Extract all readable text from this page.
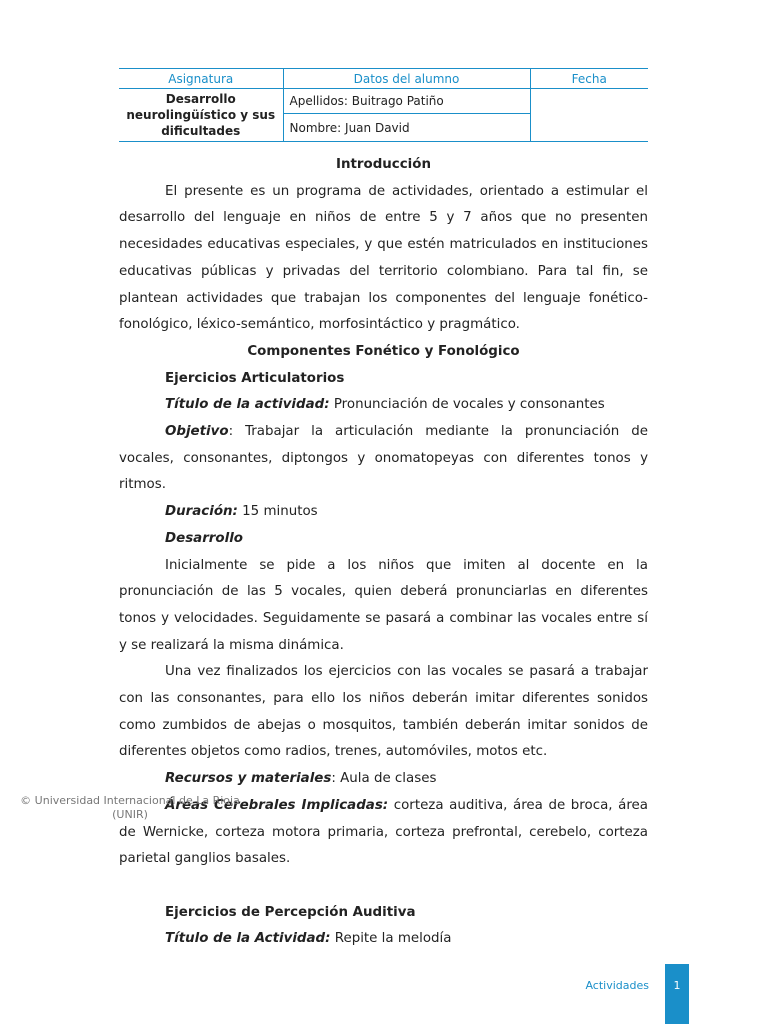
Asignatura	Datos del alumno	Fecha
Desarrollo
neurolingüístico y sus
dificultades	Apellidos: Buitrago Patiño	
	Nombre: Juan David	

Introducción

El presente es un programa de actividades, orientado a estimular el desarrollo del lenguaje en niños de entre 5 y 7 años que no presenten necesidades educativas especiales, y que estén matriculados en instituciones educativas públicas y privadas del territorio colombiano. Para tal fin, se plantean actividades que trabajan los componentes del lenguaje fonético-fonológico, léxico-semántico, morfosintáctico y pragmático.

Componentes Fonético y Fonológico

Ejercicios Articulatorios

Título de la actividad: Pronunciación de vocales y consonantes

Objetivo: Trabajar la articulación mediante la pronunciación de vocales, consonantes, diptongos y onomatopeyas con diferentes tonos y ritmos.

Duración: 15 minutos

Desarrollo

Inicialmente se pide a los niños que imiten al docente en la pronunciación de las 5 vocales, quien deberá pronunciarlas en diferentes tonos y velocidades. Seguidamente se pasará a combinar las vocales entre sí y se realizará la misma dinámica.

Una vez finalizados los ejercicios con las vocales se pasará a trabajar con las consonantes, para ello los niños deberán imitar diferentes sonidos como zumbidos de abejas o mosquitos, también deberán imitar sonidos de diferentes objetos como radios, trenes, automóviles, motos etc.

Recursos y materiales: Aula de clases

Áreas Cerebrales Implicadas: corteza auditiva, área de broca, área de Wernicke, corteza motora primaria, corteza prefrontal, cerebelo, corteza parietal ganglios basales.

Ejercicios de Percepción Auditiva

Título de la Actividad: Repite la melodía

© Universidad Internacional de La Rioja
(UNIR)
Actividades	1
